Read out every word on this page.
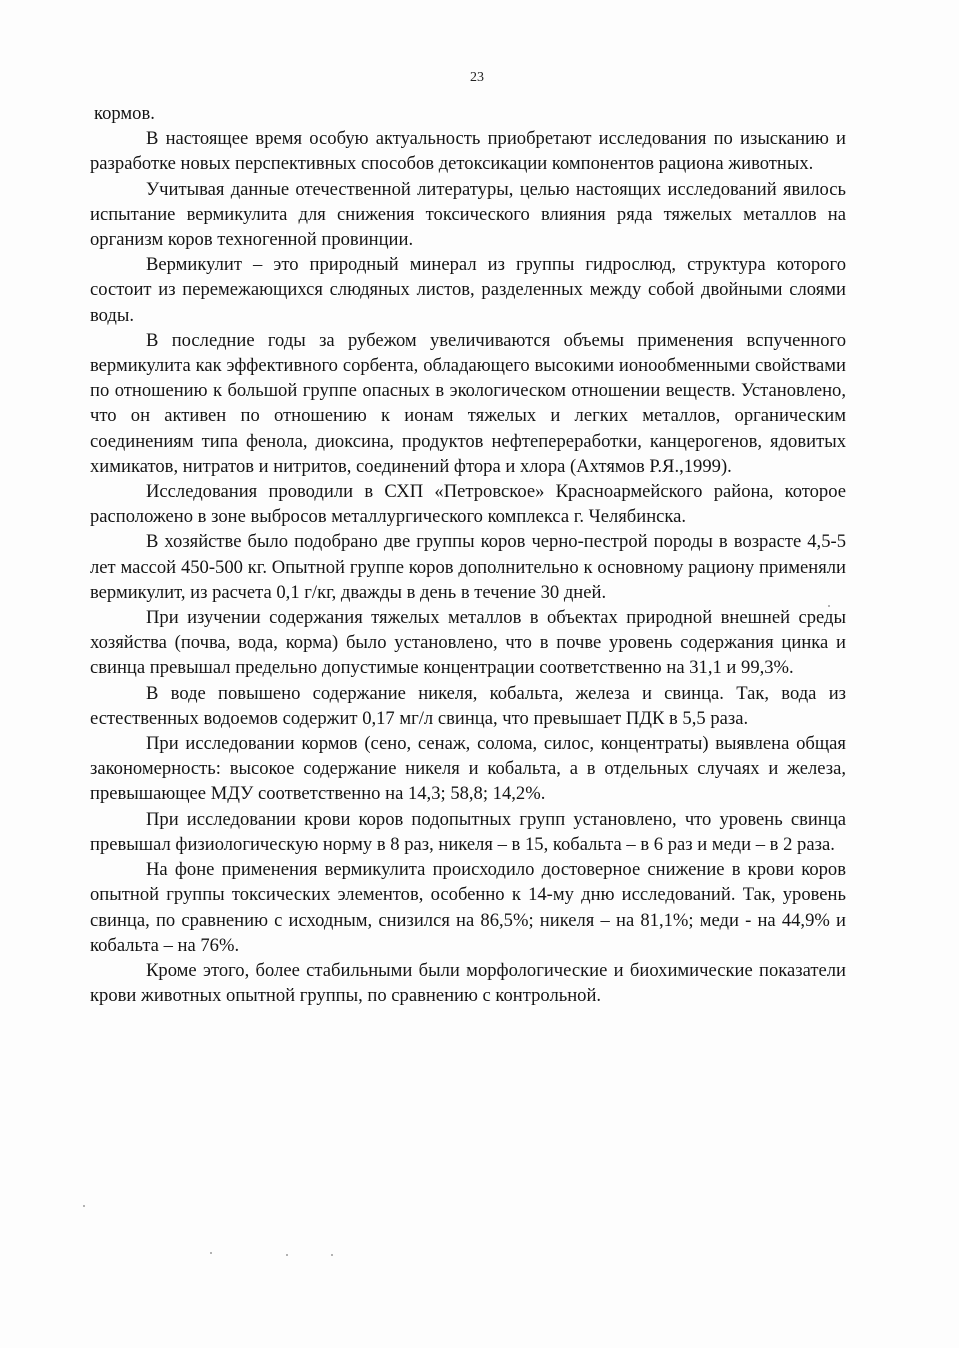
23

кормов.

В настоящее время особую актуальность приобретают исследования по изысканию и разработке новых перспективных способов детоксикации компонентов рациона животных.

Учитывая данные отечественной литературы, целью настоящих исследований явилось испытание вермикулита для снижения токсического влияния ряда тяжелых металлов на организм коров техногенной провинции.

Вермикулит – это природный минерал из группы гидрослюд, структура которого состоит из перемежающихся слюдяных листов, разделенных между собой двойными слоями воды.

В последние годы за рубежом увеличиваются объемы применения вспученного вермикулита как эффективного сорбента, обладающего высокими ионообменными свойствами по отношению к большой группе опасных в экологическом отношении веществ. Установлено, что он активен по отношению к ионам тяжелых и легких металлов, органическим соединениям типа фенола, диоксина, продуктов нефтепереработки, канцерогенов, ядовитых химикатов, нитратов и нитритов, соединений фтора и хлора (Ахтямов Р.Я.,1999).

Исследования проводили в СХП «Петровское» Красноармейского района, которое расположено в зоне выбросов металлургического комплекса г. Челябинска.

В хозяйстве было подобрано две группы коров черно-пестрой породы в возрасте 4,5-5 лет массой 450-500 кг. Опытной группе коров дополнительно к основному рациону применяли вермикулит, из расчета 0,1 г/кг, дважды в день в течение 30 дней.

При изучении содержания тяжелых металлов в объектах природной внешней среды хозяйства (почва, вода, корма) было установлено, что в почве уровень содержания цинка и свинца превышал предельно допустимые концентрации соответственно на 31,1 и 99,3%.

В воде повышено содержание никеля, кобальта, железа и свинца. Так, вода из естественных водоемов содержит 0,17 мг/л свинца, что превышает ПДК в 5,5 раза.

При исследовании кормов (сено, сенаж, солома, силос, концентраты) выявлена общая закономерность: высокое содержание никеля и кобальта, а в отдельных случаях и железа, превышающее МДУ соответственно на 14,3; 58,8; 14,2%.

При исследовании крови коров подопытных групп установлено, что уровень свинца превышал физиологическую норму в 8 раз, никеля – в 15, кобальта – в 6 раз и меди – в 2 раза.

На фоне применения вермикулита происходило достоверное снижение в крови коров опытной группы токсических элементов, особенно к 14-му дню исследований. Так, уровень свинца, по сравнению с исходным, снизился на 86,5%; никеля – на 81,1%; меди - на 44,9% и кобальта – на 76%.

Кроме этого, более стабильными были морфологические и биохимические показатели крови животных опытной группы, по сравнению с контрольной.
